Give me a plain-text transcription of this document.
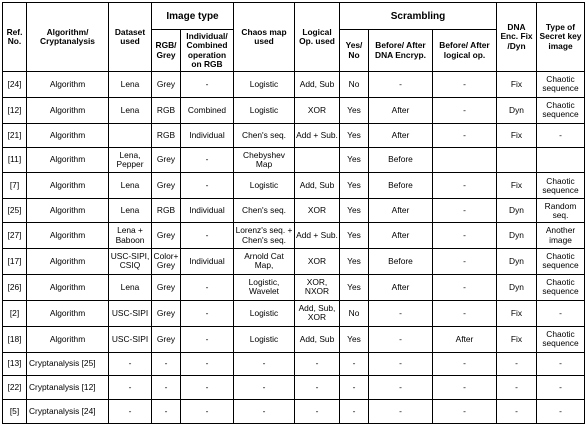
Ref. No.	Algorithm/ Cryptanalysis	Dataset used	Image type		Chaos map used	Logical Op. used	Scrambling			DNA Enc. Fix /Dyn	Type of Secret key image
			RGB/ Grey	Individual/ Combined operation on RGB			Yes/ No	Before/ After DNA Encryp.	Before/ After logical op.		
[24]	Algorithm	Lena	Grey	-	Logistic	Add, Sub	No	-	-	Fix	Chaotic sequence
[12]	Algorithm	Lena	RGB	Combined	Logistic	XOR	Yes	After	-	Dyn	Chaotic sequence
[21]	Algorithm		RGB	Individual	Chen's seq.	Add + Sub.	Yes	After	-	Fix	-
[11]	Algorithm	Lena, Pepper	Grey	-	Chebyshev Map		Yes	Before			
[7]	Algorithm	Lena	Grey	-	Logistic	Add, Sub	Yes	Before	-	Fix	Chaotic sequence
[25]	Algorithm	Lena	RGB	Individual	Chen's seq.	XOR	Yes	After	-	Dyn	Random seq.
[27]	Algorithm	Lena + Baboon	Grey	-	Lorenz's seq. + Chen's seq.	Add + Sub.	Yes	After	-	Dyn	Another image
[17]	Algorithm	USC-SIPI, CSIQ	Color+ Grey	Individual	Arnold Cat Map,	XOR	Yes	Before	-	Dyn	Chaotic sequence
[26]	Algorithm	Lena	Grey	-	Logistic, Wavelet	XOR, NXOR	Yes	After	-	Dyn	Chaotic sequence
[2]	Algorithm	USC-SIPI	Grey	-	Logistic	Add, Sub, XOR	No	-	-	Fix	-
[18]	Algorithm	USC-SIPI	Grey	-	Logistic	Add, Sub	Yes	-	After	Fix	Chaotic sequence
[13]	Cryptanalysis [25]	-	-	-	-	-	-	-	-	-	-
[22]	Cryptanalysis [12]	-	-	-	-	-	-	-	-	-	-
[5]	Cryptanalysis [24]	-	-	-	-	-	-	-	-	-	-
